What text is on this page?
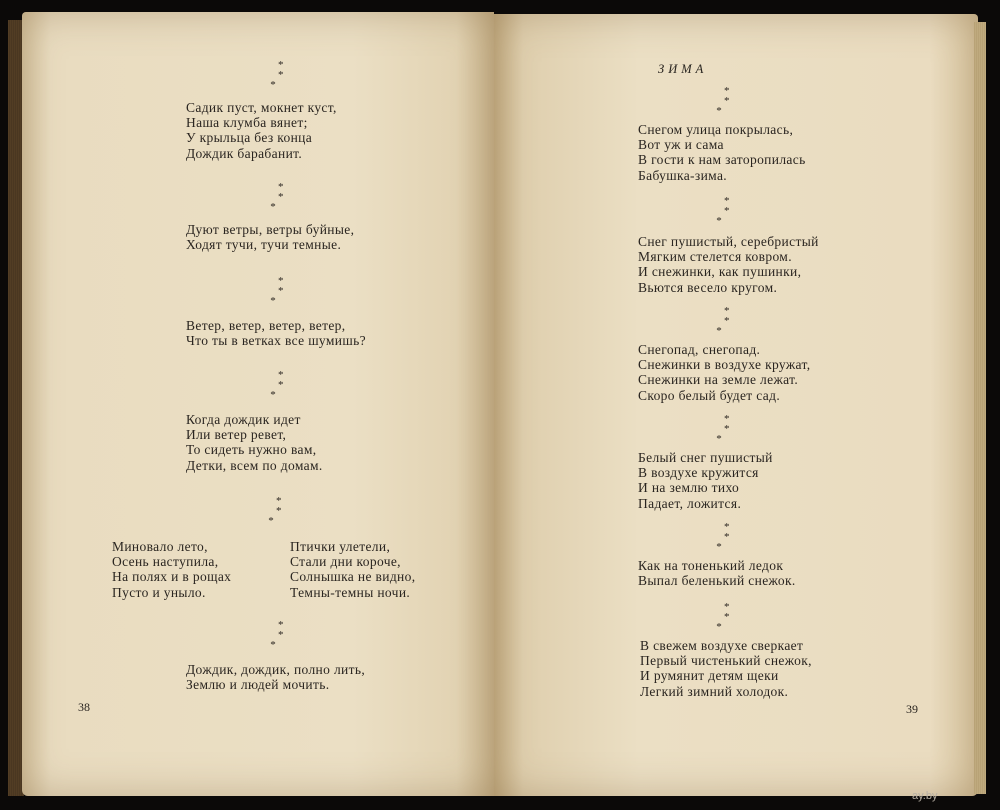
* *
*
Садик пуст, мокнет куст,
Наша клумба вянет;
У крыльца без конца
Дождик барабанит.
* *
*
Дуют ветры, ветры буйные,
Ходят тучи, тучи темные.
* *
*
Ветер, ветер, ветер, ветер,
Что ты в ветках все шумишь?
* *
*
Когда дождик идет
Или ветер ревет,
То сидеть нужно вам,
Детки, всем по домам.
* *
*
Миновало лето,
Осень наступила,
На полях и в рощах
Пусто и уныло.
Птички улетели,
Стали дни короче,
Солнышка не видно,
Темны-темны ночи.
* *
*
Дождик, дождик, полно лить,
Землю и людей мочить.
38
ЗИМА
* *
*
Снегом улица покрылась,
Вот уж и сама
В гости к нам заторопилась
Бабушка-зима.
* *
*
Снег пушистый, серебристый
Мягким стелется ковром.
И снежинки, как пушинки,
Вьются весело кругом.
* *
*
Снегопад, снегопад.
Снежинки в воздухе кружат,
Снежинки на земле лежат.
Скоро белый будет сад.
* *
*
Белый снег пушистый
В воздухе кружится
И на землю тихо
Падает, ложится.
* *
*
Как на тоненький ледок
Выпал беленький снежок.
* *
*
В свежем воздухе сверкает
Первый чистенький снежок,
И румянит детям щеки
Легкий зимний холодок.
39
ay.by
